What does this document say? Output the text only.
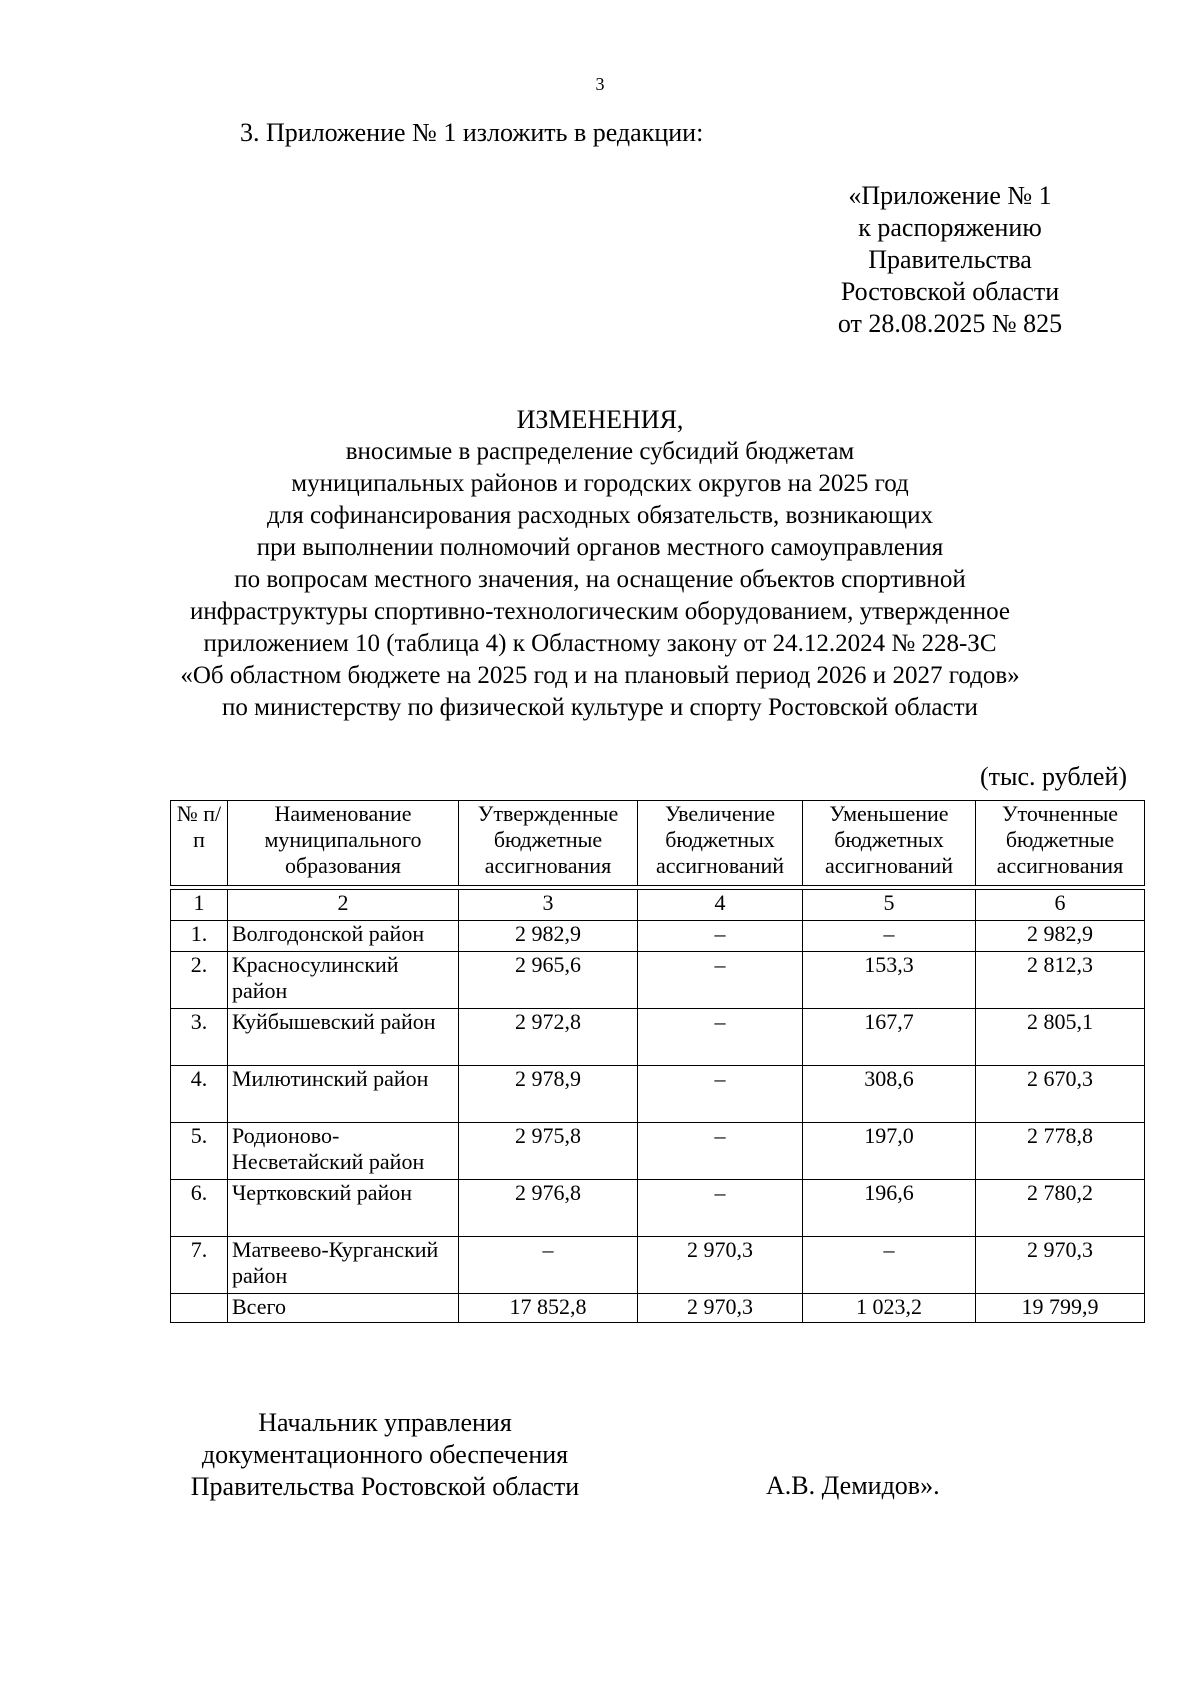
3
3. Приложение № 1 изложить в редакции:
«Приложение № 1
к распоряжению
Правительства
Ростовской области
от 28.08.2025 № 825
ИЗМЕНЕНИЯ,
вносимые в распределение субсидий бюджетам
муниципальных районов и городских округов на 2025 год
для софинансирования расходных обязательств, возникающих
при выполнении полномочий органов местного самоуправления
по вопросам местного значения, на оснащение объектов спортивной
инфраструктуры спортивно-технологическим оборудованием, утвержденное
приложением 10 (таблица 4) к Областному закону от 24.12.2024 № 228-ЗС
«Об областном бюджете на 2025 год и на плановый период 2026 и 2027 годов»
по министерству по физической культуре и спорту Ростовской области
(тыс. рублей)
№ п/п	Наименование муниципального образования	Утвержденные бюджетные ассигнования	Увеличение бюджетных ассигнований	Уменьшение бюджетных ассигнований	Уточненные бюджетные ассигнования

1	2	3	4	5	6
1.	Волгодонской район	2 982,9	–	–	2 982,9
2.	Красносулинский район	2 965,6	–	153,3	2 812,3
3.	Куйбышевский район	2 972,8	–	167,7	2 805,1
4.	Милютинский район	2 978,9	–	308,6	2 670,3
5.	Родионово-Несветайский район	2 975,8	–	197,0	2 778,8
6.	Чертковский район	2 976,8	–	196,6	2 780,2
7.	Матвеево-Курганский район	–	2 970,3	–	2 970,3
	Всего	17 852,8	2 970,3	1 023,2	19 799,9
Начальник управления
документационного обеспечения
Правительства Ростовской области	А.В. Демидов».
